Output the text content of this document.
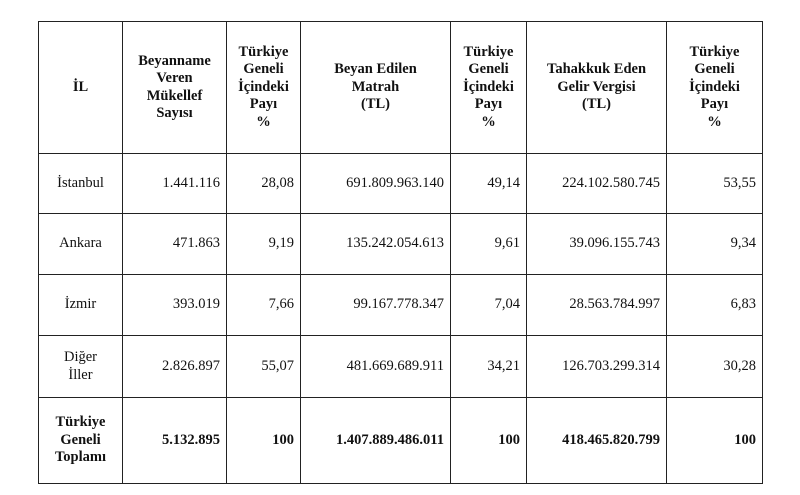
İL	Beyanname
Veren
Mükellef
Sayısı	Türkiye
Geneli
İçindeki
Payı
%	Beyan Edilen
Matrah
(TL)	Türkiye
Geneli
İçindeki
Payı
%	Tahakkuk Eden
Gelir Vergisi
(TL)	Türkiye
Geneli
İçindeki
Payı
%
İstanbul	1.441.116	28,08	691.809.963.140	49,14	224.102.580.745	53,55
Ankara	471.863	9,19	135.242.054.613	9,61	39.096.155.743	9,34
İzmir	393.019	7,66	99.167.778.347	7,04	28.563.784.997	6,83
Diğer
İller	2.826.897	55,07	481.669.689.911	34,21	126.703.299.314	30,28
Türkiye
Geneli
Toplamı	5.132.895	100	1.407.889.486.011	100	418.465.820.799	100
